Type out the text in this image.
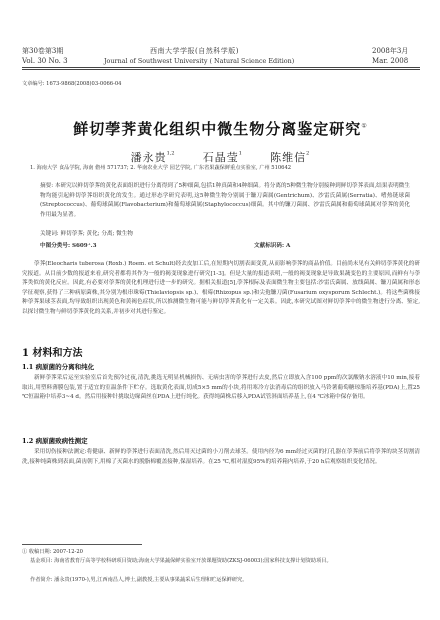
第30卷第3期	西南大学学报(自然科学版)	2008年3月
Vol. 30 No. 3	Journal of Southwest University ( Natural Science Edition)	Mar. 2008
文章编号: 1673-9868(2008)03-0066-04
鲜切荸荠黄化组织中微生物分离鉴定研究①
潘永贵$^{1,2}$	石晶莹$^1$	陈维信$^2$
1. 海南大学 食品学院, 海南 儋州 571737; 2. 华南农业大学 园艺学院, 广东省果蔬保鲜重点实验室, 广州 510642
摘要: 本研究以鲜切荸荠的黄化表面组织进行分离得到了5种细菌,包括1种真菌和4种细菌。将分离的5种微生物分别接种到鲜切荸荠表面,结果表明微生物均能引起鲜切荸荠组织黄化的发生。通过形态学研究表明,这5种微生物分别属于镰刀菌属(Gentrichum)、沙雷氏菌属(Serratia)、嗜热链球菌(Streptococcus)、葡萄球菌属(Flavobacterium)和葡萄球菌属(Staphylococcus)细菌。其中的镰刀菌属、沙雷氏菌属和葡萄球菌属对荸荠的黄化作用最为显著。
关键词: 鲜切荸荠; 黄化; 分离; 微生物
中图分类号: S609⁺.3	文献标识码: A
荸荠(Eleocharis tuberosa (Roxb.) Roem. et Schult)经去皮加工后,在短期内切割表面变黄,从而影响荸荠的商品价值。目前尚未见有关鲜切荸荠黄化的研究报道。从目前少数的报道来看,研究者都将其作为一般的褐变现象进行研究[1-3]。但是大量的报道表明,一般的褐变现象是导致果蔬变色的主要原因,而鲜有与荸荠类似的黄化反应。因此,有必要对荸荠的黄化机理进行进一步的研究。据相关报道[5],荸荠根际及表面微生物主要包括:沙雷氏菌属、放线菌属、镰刀菌属和形态学征观察,获得了三种病原菌株,其分别为根串珠霉(Thielaviopsis sp.)、根霉(Rhizopus sp.)和尖孢镰刀菌(Fusarium oxysporum Schlecht.)。将这些菌株接种荸荠果球茎表面,均导致组织出现黄色和黄褐色症状,所以推测微生物可能与鲜切荸荠黄化有一定关系。因此,本研究试图对鲜切荸荠中的微生物进行分离、鉴定,以探讨微生物与鲜切荸荠黄化的关系,并初步对其进行鉴定。
1 材料和方法
1.1 病原菌的分离和纯化
新鲜荸荠采后运至实验室后首先预冷过夜,清洗,挑选无明显机械损伤、无病虫害的荸荠进行去皮,然后立即放入含100 ppm的次氯酸钠水溶液中10 min,接着取出,用塑料薄膜包装,置于适宜的室温条件下贮存。选取黄化表面,切成5×5 mm的小块,将用寒冷方法消毒后的组织放入马铃薯葡萄糖琼脂培养基(PDA)上,置25 ℃恒温箱中培养3~4 d。然后用接种针挑取边缘菌丝在PDA上进行纯化。获得纯菌株后移入PDA试管斜面培养基上,在4 ℃冰箱中保存备用。
1.2 病原菌致病性测定
采用切伤接种法测定:将健康、新鲜的荸荠进行表面清洗,然后用灭过菌的小刀削去球茎。使用内径为6 mm经过灭菌的打孔器在荸荠前后将荸荠的块茎切割清洗,接种纯菌株到表面,菌齿朝下,用棉了灭菌水的脱脂棉覆盖接种,保湿培养。在25 ℃,相对湿度95%的培养箱内培养,于20 h后观察组织变化情况。
① 收稿日期: 2007-12-20
基金项目: 海南省教育厅高等学校科研项目资助;海南大学果蔬保鲜实验室开放课题资助(ZKSJ-06003);国家科技支撑计划资助项目。
作者简介: 潘永贵(1970-),男,江西南昌人,博士,副教授,主要从事果蔬采后生理和贮运保鲜研究。
